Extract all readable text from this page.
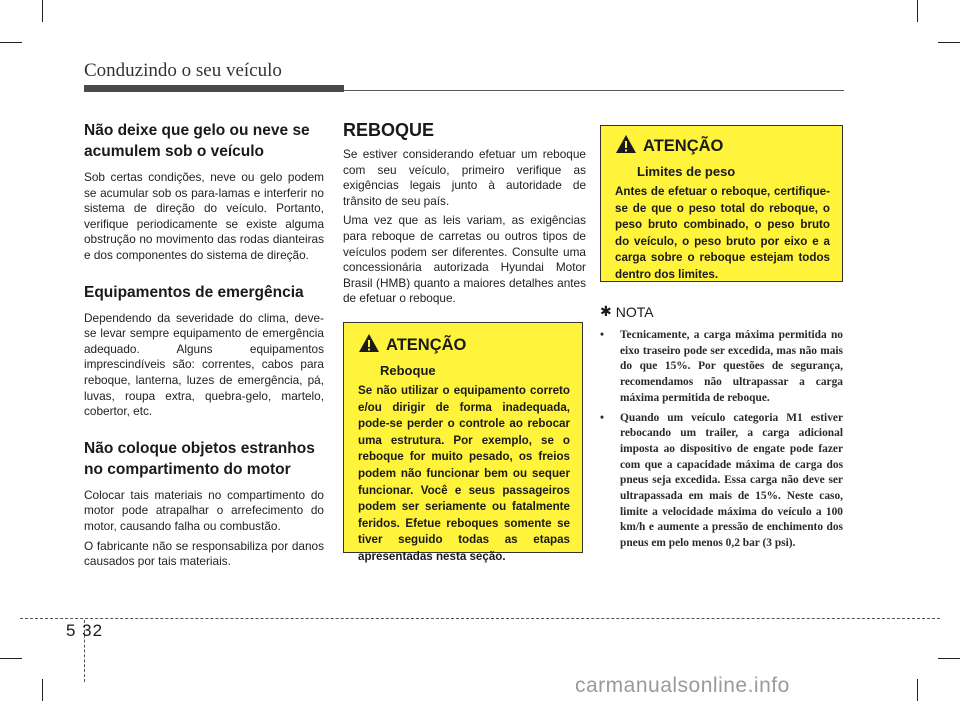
Conduzindo o seu veículo
Não deixe que gelo ou neve se acumulem sob o veículo

Sob certas condições, neve ou gelo podem se acumular sob os para-lamas e interferir no sistema de direção do veículo. Portanto, verifique periodicamente se existe alguma obstrução no movimento das rodas dianteiras e dos componentes do sistema de direção.

Equipamentos de emergência

Dependendo da severidade do clima, deve-se levar sempre equipamento de emergência adequado. Alguns equipamentos imprescindíveis são: correntes, cabos para reboque, lanterna, luzes de emergência, pá, luvas, roupa extra, quebra-gelo, martelo, cobertor, etc.

Não coloque objetos estranhos no compartimento do motor

Colocar tais materiais no compartimento do motor pode atrapalhar o arrefecimento do motor, causando falha ou combustão.

O fabricante não se responsabiliza por danos causados por tais materiais.

REBOQUE

Se estiver considerando efetuar um reboque com seu veículo, primeiro verifique as exigências legais junto à autoridade de trânsito de seu país.

Uma vez que as leis variam, as exigências para reboque de carretas ou outros tipos de veículos podem ser diferentes. Consulte uma concessionária autorizada Hyundai Motor Brasil (HMB) quanto a maiores detalhes antes de efetuar o reboque.

ATENÇÃO
Reboque
Se não utilizar o equipamento correto e/ou dirigir de forma inadequada, pode-se perder o controle ao rebocar uma estrutura. Por exemplo, se o reboque for muito pesado, os freios podem não funcionar bem ou sequer funcionar. Você e seus passageiros podem ser seriamente ou fatalmente feridos. Efetue reboques somente se tiver seguido todas as etapas apresentadas nesta seção.
ATENÇÃO
Limites de peso
Antes de efetuar o reboque, certifique-se de que o peso total do reboque, o peso bruto combinado, o peso bruto do veículo, o peso bruto por eixo e a carga sobre o reboque estejam todos dentro dos limites.
✱ NOTA
• Tecnicamente, a carga máxima permitida no eixo traseiro pode ser excedida, mas não mais do que 15%. Por questões de segurança, recomendamos não ultrapassar a carga máxima permitida de reboque.
• Quando um veículo categoria M1 estiver rebocando um trailer, a carga adicional imposta ao dispositivo de engate pode fazer com que a capacidade máxima de carga dos pneus seja excedida. Essa carga não deve ser ultrapassada em mais de 15%. Neste caso, limite a velocidade máxima do veículo a 100 km/h e aumente a pressão de enchimento dos pneus em pelo menos 0,2 bar (3 psi).
5 32
carmanualsonline.info
